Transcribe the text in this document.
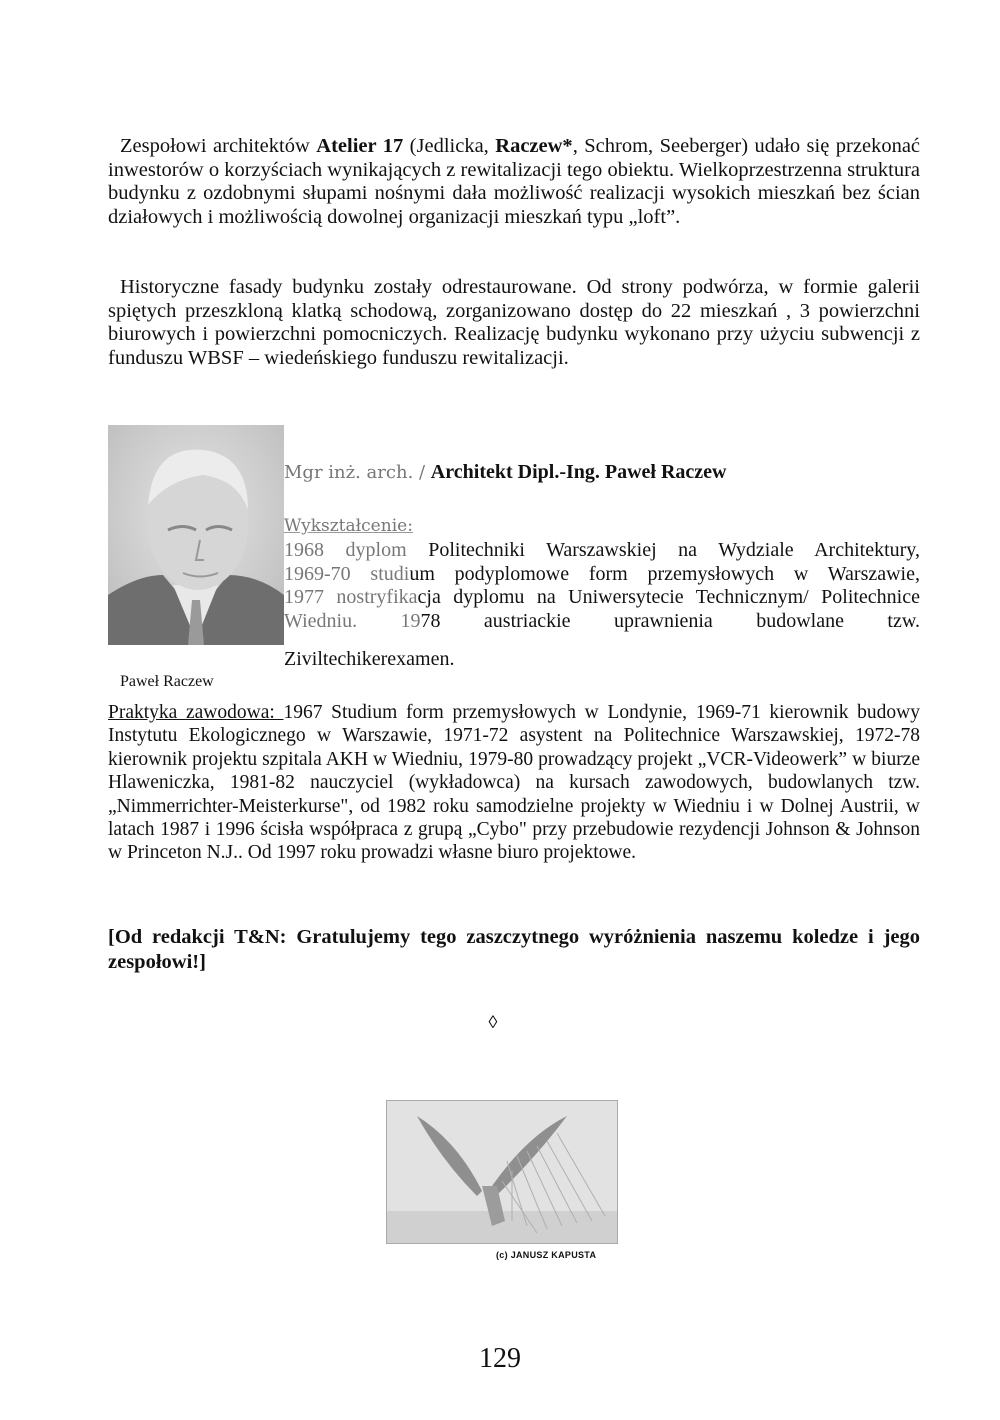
Zespołowi architektów Atelier 17 (Jedlicka, Raczew*, Schrom, Seeberger) udało się przekonać inwestorów o korzyściach wynikających z rewitalizacji tego obiektu. Wielkoprzestrzenna struktura budynku z ozdobnymi słupami nośnymi dała możliwość realizacji wysokich mieszkań bez ścian działowych i możliwością dowolnej organizacji mieszkań typu „loft”.
Historyczne fasady budynku zostały odrestaurowane. Od strony podwórza, w formie galerii spiętych przeszkloną klatką schodową, zorganizowano dostęp do 22 mieszkań , 3 powierzchni biurowych i powierzchni pomocniczych. Realizację budynku wykonano przy użyciu subwencji z funduszu WBSF – wiedeńskiego funduszu rewitalizacji.
Paweł Raczew
Mgr inż. arch. / Architekt Dipl.-Ing. Paweł Raczew
Wykształcenie:
1968 dyplom Politechniki Warszawskiej na Wydziale Architektury,
1969-70 studium podyplomowe form przemysłowych w Warszawie,
1977 nostryfikacja dyplomu na Uniwersytecie Technicznym/ Politechnice
Wiedniu. 1978 austriackie uprawnienia budowlane tzw.
Ziviltechikerexamen.
Praktyka zawodowa: 1967 Studium form przemysłowych w Londynie, 1969-71 kierownik budowy Instytutu Ekologicznego w Warszawie, 1971-72 asystent na Politechnice Warszawskiej, 1972-78 kierownik projektu szpitala AKH w Wiedniu, 1979-80 prowadzący projekt „VCR-Videowerk” w biurze Hlaweniczka, 1981-82 nauczyciel (wykładowca) na kursach zawodowych, budowlanych tzw. „Nimmerrichter-Meisterkurse", od 1982 roku samodzielne projekty w Wiedniu i w Dolnej Austrii, w latach 1987 i 1996 ścisła współpraca z grupą „Cybo" przy przebudowie rezydencji Johnson & Johnson w Princeton N.J.. Od 1997 roku prowadzi własne biuro projektowe.
[Od redakcji T&N: Gratulujemy tego zaszczytnego wyróżnienia naszemu koledze i jego zespołowi!]
◊
(c) JANUSZ KAPUSTA
129
